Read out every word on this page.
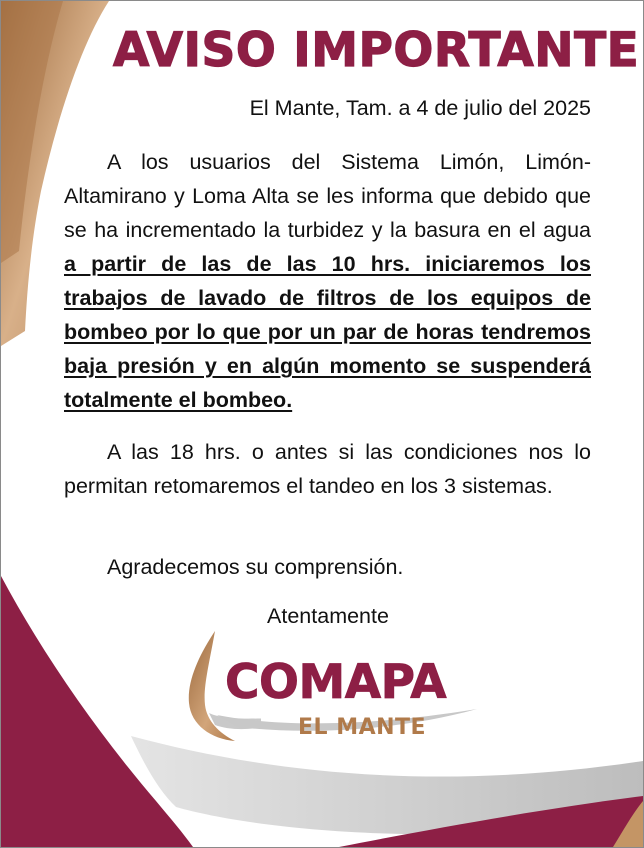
AVISO IMPORTANTE
El Mante, Tam. a 4 de julio del 2025

A los usuarios del Sistema Limón, Limón-Altamirano y Loma Alta se les informa que debido que se ha incrementado la turbidez y la basura en el agua a partir de las de las 10 hrs. iniciaremos los trabajos de lavado de filtros de los equipos de bombeo por lo que por un par de horas tendremos baja presión y en algún momento se suspenderá totalmente el bombeo.

A las 18 hrs. o antes si las condiciones nos lo permitan retomaremos el tandeo en los 3 sistemas.

Agradecemos su comprensión.
Atentamente
COMAPA
EL MANTE
